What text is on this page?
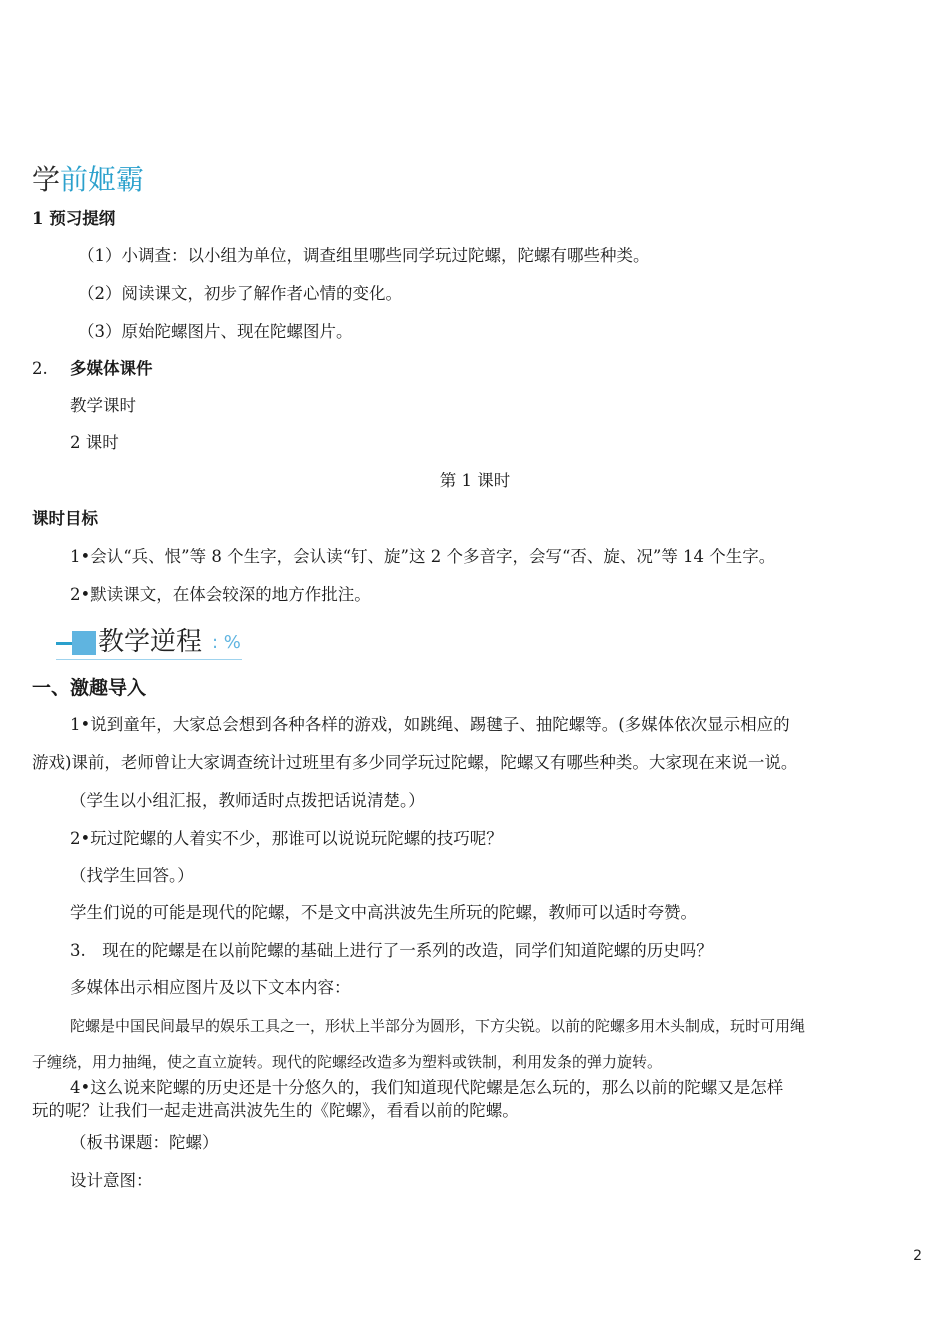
学前姬霸
1 预习提纲
（1）小调查：以小组为单位，调查组里哪些同学玩过陀螺，陀螺有哪些种类。
（2）阅读课文，初步了解作者心情的变化。
（3）原始陀螺图片、现在陀螺图片。
2. 多媒体课件
教学课时
2 课时
第 1 课时
课时目标
1•会认“兵、恨”等 8 个生字，会认读“钉、旋”这 2 个多音字，会写“否、旋、况”等 14 个生字。
2•默读课文，在体会较深的地方作批注。
教学逆程 : %
一、激趣导入
1•说到童年，大家总会想到各种各样的游戏，如跳绳、踢毽子、抽陀螺等。(多媒体依次显示相应的
游戏)课前，老师曾让大家调查统计过班里有多少同学玩过陀螺，陀螺又有哪些种类。大家现在来说一说。
（学生以小组汇报，教师适时点拨把话说清楚。）
2•玩过陀螺的人着实不少，那谁可以说说玩陀螺的技巧呢？
（找学生回答。）
学生们说的可能是现代的陀螺，不是文中高洪波先生所玩的陀螺，教师可以适时夸赞。
3.　现在的陀螺是在以前陀螺的基础上进行了一系列的改造，同学们知道陀螺的历史吗？
多媒体出示相应图片及以下文本内容：
陀螺是中国民间最早的娱乐工具之一，形状上半部分为圆形，下方尖锐。以前的陀螺多用木头制成，玩时可用绳
子缠绕，用力抽绳，使之直立旋转。现代的陀螺经改造多为塑料或铁制，利用发条的弹力旋转。
4•这么说来陀螺的历史还是十分悠久的，我们知道现代陀螺是怎么玩的，那么以前的陀螺又是怎样
玩的呢？让我们一起走进高洪波先生的《陀螺》，看看以前的陀螺。
（板书课题：陀螺）
设计意图：
2
